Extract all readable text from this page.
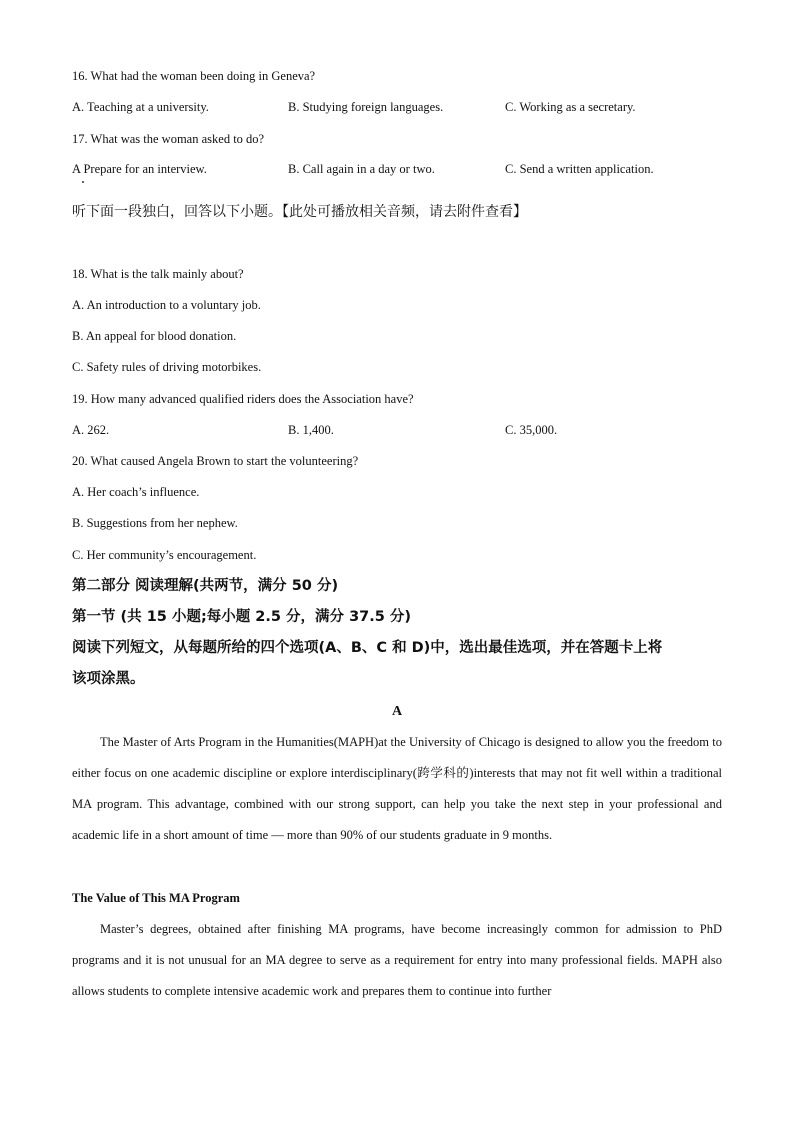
16. What had the woman been doing in Geneva?
A. Teaching at a university.	B. Studying foreign languages.	C. Working as a secretary.
17. What was the woman asked to do?
A Prepare for an interview.	B. Call again in a day or two.	C. Send a written application.
听下面一段独白，回答以下小题。【此处可播放相关音频，请去附件查看】
18. What is the talk mainly about?
A. An introduction to a voluntary job.
B. An appeal for blood donation.
C. Safety rules of driving motorbikes.
19. How many advanced qualified riders does the Association have?
A. 262.	B. 1,400.	C. 35,000.
20. What caused Angela Brown to start the volunteering?
A. Her coach’s influence.
B. Suggestions from her nephew.
C. Her community’s encouragement.
第二部分 阅读理解(共两节，满分 50 分)
第一节 (共 15 小题;每小题 2.5 分，满分 37.5 分)
阅读下列短文，从每题所给的四个选项(A、B、C 和 D)中，选出最佳选项，并在答题卡上将
该项涂黑。
A
The Master of Arts Program in the Humanities(MAPH)at the University of Chicago is designed to allow you the freedom to either focus on one academic discipline or explore interdisciplinary(跨学科的)interests that may not fit well within a traditional MA program. This advantage, combined with our strong support, can help you take the next step in your professional and academic life in a short amount of time — more than 90% of our students graduate in 9 months.
The Value of This MA Program
Master’s degrees, obtained after finishing MA programs, have become increasingly common for admission to PhD programs and it is not unusual for an MA degree to serve as a requirement for entry into many professional fields. MAPH also allows students to complete intensive academic work and prepares them to continue into further
